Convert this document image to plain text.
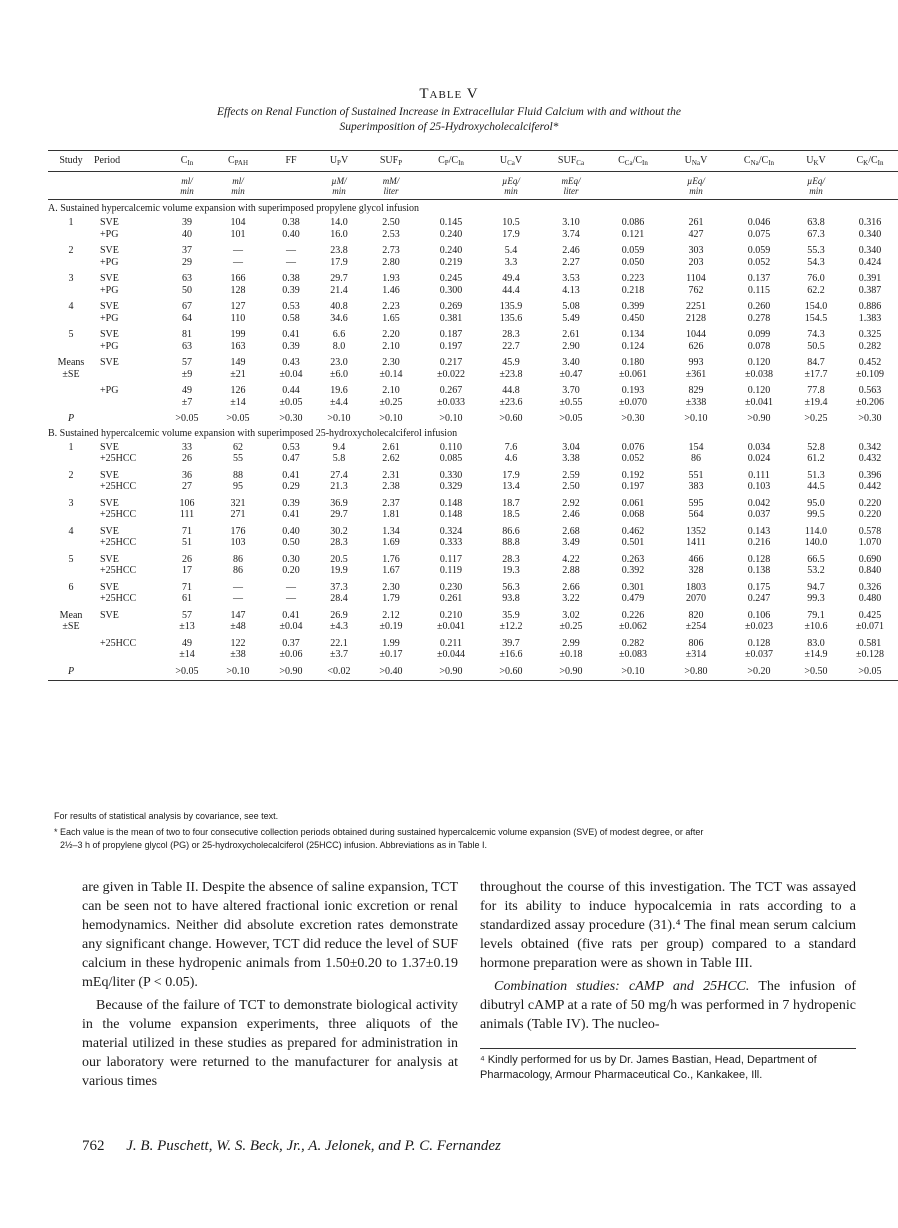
Table V
Effects on Renal Function of Sustained Increase in Extracellular Fluid Calcium with and without the
Superimposition of 25-Hydroxycholecalciferol*
Study	Period	$C_{In}$	$C_{PAH}$	FF	$U_PV$	$SUF_P$	$C_P/C_{In}$	$U_{Ca}V$	$SUF_{Ca}$	$C_{Ca}/C_{In}$	$U_{Na}V$	$C_{Na}/C_{In}$	$U_KV$	$C_K/C_{In}$
		ml/	ml/		µM/	mM/		µEq/	mEq/		µEq/		µEq/	
		min	min		min	liter		min	liter		min		min	
A. Sustained hypercalcemic volume expansion with superimposed propylene glycol infusion														
1	SVE	39	104	0.38	14.0	2.50	0.145	10.5	3.10	0.086	261	0.046	63.8	0.316
	+PG	40	101	0.40	16.0	2.53	0.240	17.9	3.74	0.121	427	0.075	67.3	0.340

2	SVE	37	—	—	23.8	2.73	0.240	5.4	2.46	0.059	303	0.059	55.3	0.340
	+PG	29	—	—	17.9	2.80	0.219	3.3	2.27	0.050	203	0.052	54.3	0.424

3	SVE	63	166	0.38	29.7	1.93	0.245	49.4	3.53	0.223	1104	0.137	76.0	0.391
	+PG	50	128	0.39	21.4	1.46	0.300	44.4	4.13	0.218	762	0.115	62.2	0.387

4	SVE	67	127	0.53	40.8	2.23	0.269	135.9	5.08	0.399	2251	0.260	154.0	0.886
	+PG	64	110	0.58	34.6	1.65	0.381	135.6	5.49	0.450	2128	0.278	154.5	1.383

5	SVE	81	199	0.41	6.6	2.20	0.187	28.3	2.61	0.134	1044	0.099	74.3	0.325
	+PG	63	163	0.39	8.0	2.10	0.197	22.7	2.90	0.124	626	0.078	50.5	0.282

Means	SVE	57	149	0.43	23.0	2.30	0.217	45.9	3.40	0.180	993	0.120	84.7	0.452
±SE		±9	±21	±0.04	±6.0	±0.14	±0.022	±23.8	±0.47	±0.061	±361	±0.038	±17.7	±0.109

	+PG	49	126	0.44	19.6	2.10	0.267	44.8	3.70	0.193	829	0.120	77.8	0.563
		±7	±14	±0.05	±4.4	±0.25	±0.033	±23.6	±0.55	±0.070	±338	±0.041	±19.4	±0.206

P		>0.05	>0.05	>0.30	>0.10	>0.10	>0.10	>0.60	>0.05	>0.30	>0.10	>0.90	>0.25	>0.30
B. Sustained hypercalcemic volume expansion with superimposed 25-hydroxycholecalciferol infusion														
1	SVE	33	62	0.53	9.4	2.61	0.110	7.6	3.04	0.076	154	0.034	52.8	0.342
	+25HCC	26	55	0.47	5.8	2.62	0.085	4.6	3.38	0.052	86	0.024	61.2	0.432

2	SVE	36	88	0.41	27.4	2.31	0.330	17.9	2.59	0.192	551	0.111	51.3	0.396
	+25HCC	27	95	0.29	21.3	2.38	0.329	13.4	2.50	0.197	383	0.103	44.5	0.442

3	SVE	106	321	0.39	36.9	2.37	0.148	18.7	2.92	0.061	595	0.042	95.0	0.220
	+25HCC	111	271	0.41	29.7	1.81	0.148	18.5	2.46	0.068	564	0.037	99.5	0.220

4	SVE	71	176	0.40	30.2	1.34	0.324	86.6	2.68	0.462	1352	0.143	114.0	0.578
	+25HCC	51	103	0.50	28.3	1.69	0.333	88.8	3.49	0.501	1411	0.216	140.0	1.070

5	SVE	26	86	0.30	20.5	1.76	0.117	28.3	4.22	0.263	466	0.128	66.5	0.690
	+25HCC	17	86	0.20	19.9	1.67	0.119	19.3	2.88	0.392	328	0.138	53.2	0.840

6	SVE	71	—	—	37.3	2.30	0.230	56.3	2.66	0.301	1803	0.175	94.7	0.326
	+25HCC	61	—	—	28.4	1.79	0.261	93.8	3.22	0.479	2070	0.247	99.3	0.480

Mean	SVE	57	147	0.41	26.9	2.12	0.210	35.9	3.02	0.226	820	0.106	79.1	0.425
±SE		±13	±48	±0.04	±4.3	±0.19	±0.041	±12.2	±0.25	±0.062	±254	±0.023	±10.6	±0.071

	+25HCC	49	122	0.37	22.1	1.99	0.211	39.7	2.99	0.282	806	0.128	83.0	0.581
		±14	±38	±0.06	±3.7	±0.17	±0.044	±16.6	±0.18	±0.083	±314	±0.037	±14.9	±0.128

P		>0.05	>0.10	>0.90	<0.02	>0.40	>0.90	>0.60	>0.90	>0.10	>0.80	>0.20	>0.50	>0.05

For results of statistical analysis by covariance, see text.
* Each value is the mean of two to four consecutive collection periods obtained during sustained hypercalcemic volume expansion (SVE) of modest degree, or after
2½–3 h of propylene glycol (PG) or 25-hydroxycholecalciferol (25HCC) infusion. Abbreviations as in Table I.

are given in Table II. Despite the absence of saline expansion, TCT can be seen not to have altered fractional ionic excretion or renal hemodynamics. Neither did absolute excretion rates demonstrate any significant change. However, TCT did reduce the level of SUF calcium in these hydropenic animals from 1.50±0.20 to 1.37±0.19 mEq/liter (P < 0.05).

Because of the failure of TCT to demonstrate biological activity in the volume expansion experiments, three aliquots of the material utilized in these studies as prepared for administration in our laboratory were returned to the manufacturer for analysis at various times

throughout the course of this investigation. The TCT was assayed for its ability to induce hypocalcemia in rats according to a standardized assay procedure (31).⁴ The final mean serum calcium levels obtained (five rats per group) compared to a standard hormone preparation were as shown in Table III.

Combination studies: cAMP and 25HCC. The infusion of dibutryl cAMP at a rate of 50 mg/h was performed in 7 hydropenic animals (Table IV). The nucleo-

⁴ Kindly performed for us by Dr. James Bastian, Head, Department of Pharmacology, Armour Pharmaceutical Co., Kankakee, Ill.
762 J. B. Puschett, W. S. Beck, Jr., A. Jelonek, and P. C. Fernandez
